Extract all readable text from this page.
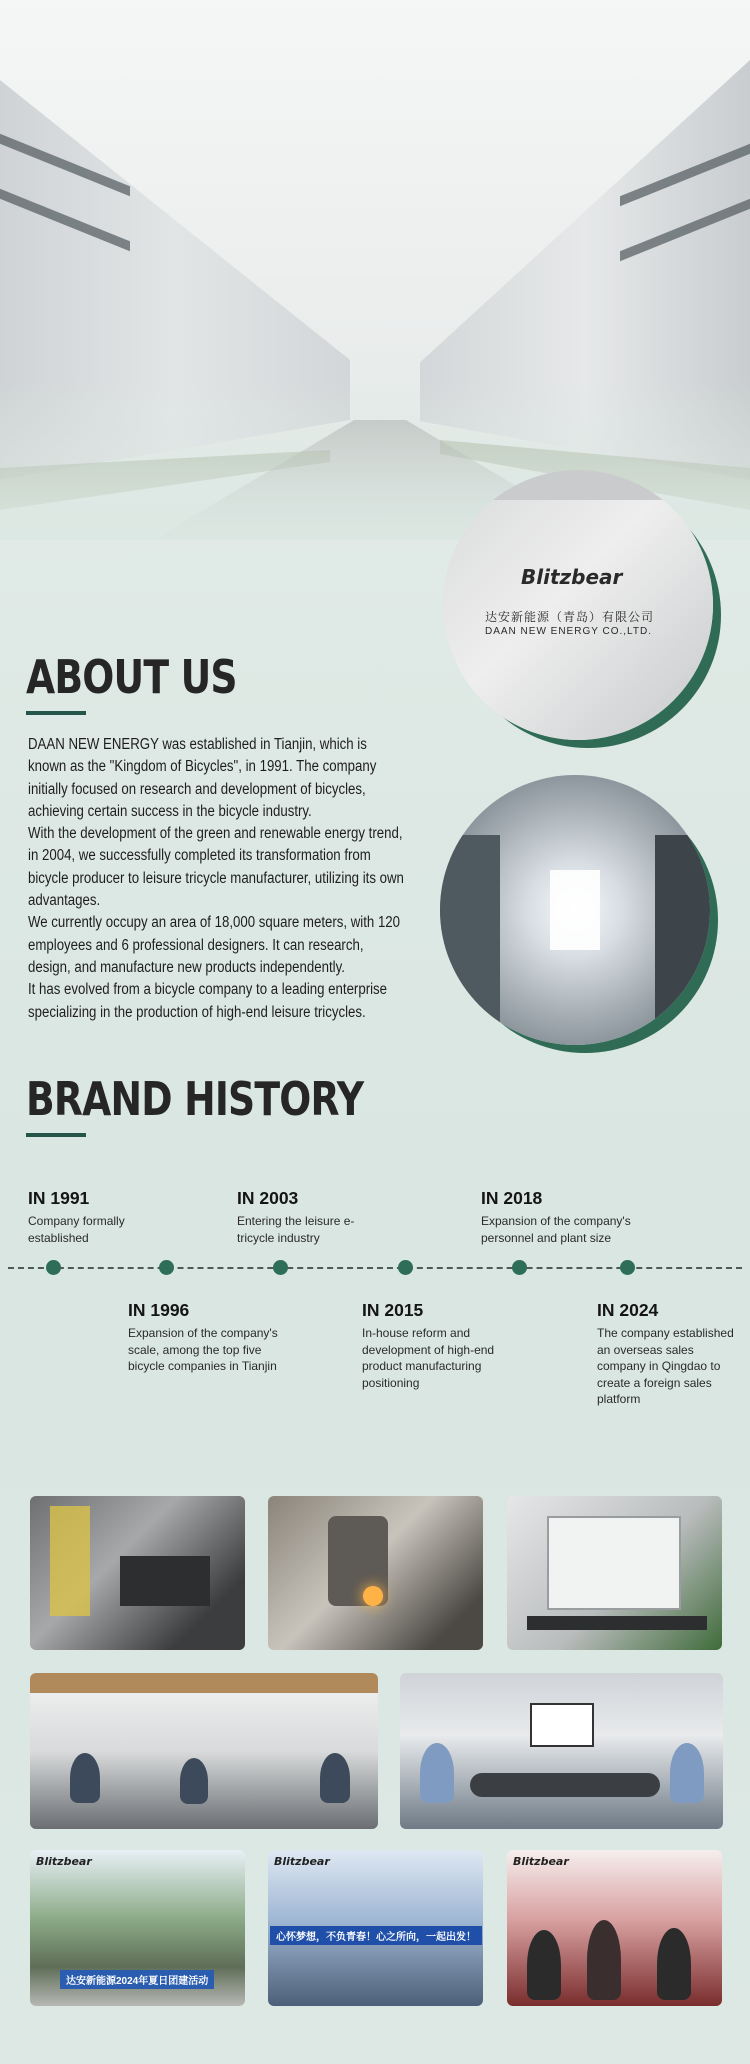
Blitzbear
达安新能源（青岛）有限公司
DAAN NEW ENERGY CO.,LTD.
ABOUT US

DAAN NEW ENERGY was established in Tianjin, which is known as the "Kingdom of Bicycles", in 1991. The company initially focused on research and development of bicycles, achieving certain success in the bicycle industry.

With the development of the green and renewable energy trend, in 2004, we successfully completed its transformation from bicycle producer to leisure tricycle manufacturer, utilizing its own advantages.

We currently occupy an area of 18,000 square meters, with 120 employees and 6 professional designers. It can research, design, and manufacture new products independently.

It has evolved from a bicycle company to a leading enterprise specializing in the production of high-end leisure tricycles.

BRAND HISTORY
IN 1991
Company formally established
IN 2003
Entering the leisure e-tricycle industry
IN 2018
Expansion of the company's personnel and plant size
IN 1996
Expansion of the company's scale, among the top five bicycle companies in Tianjin
IN 2015
In-house reform and development of high-end product manufacturing positioning
IN 2024
The company established an overseas sales company in Qingdao to create a foreign sales platform
Blitzbear
达安新能源2024年夏日团建活动
Blitzbear
心怀梦想，不负青春！心之所向，一起出发！
Blitzbear
